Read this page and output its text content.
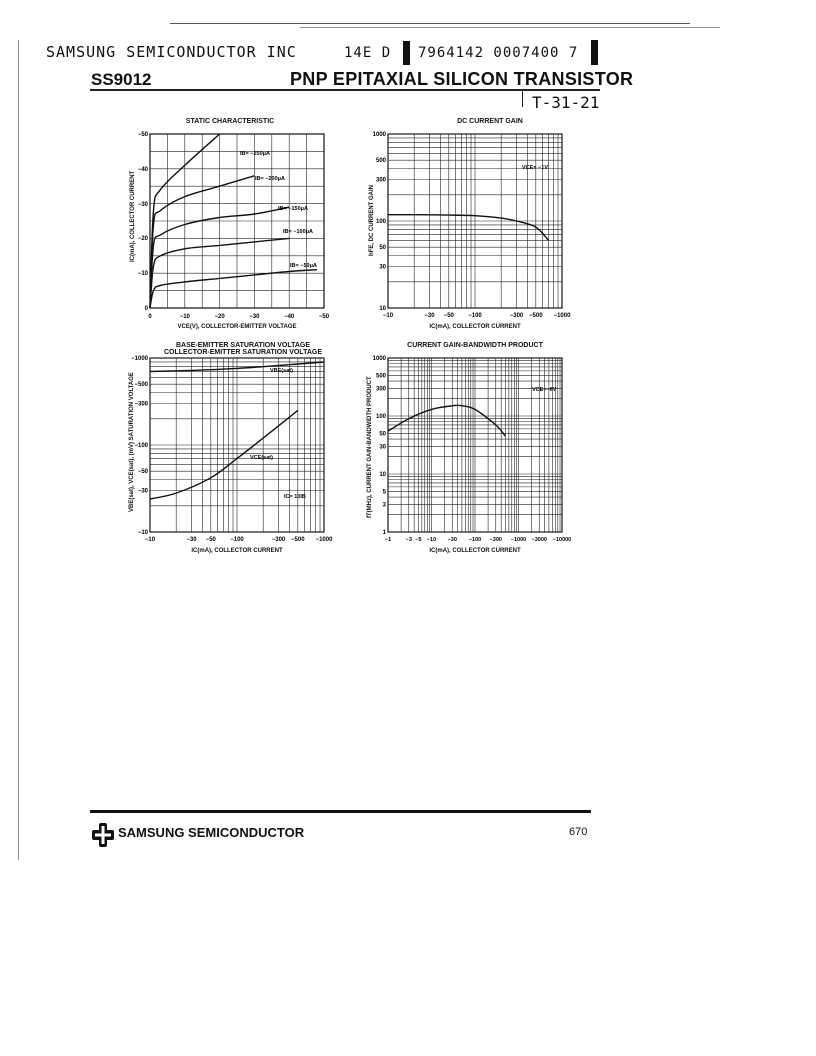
SAMSUNG SEMICONDUCTOR INC	14E D 7964142 0007400 7
SS9012	PNP EPITAXIAL SILICON TRANSISTOR
T-31-21
STATIC CHARACTERISTIC
IB= −250μA
IB= −200μA
IB= −150μA
IB= −100μA
IB= −50μA
0	−10	−20	−30	−40	−50
0
−10
−20
−30
−40
−50
IC(mA), COLLECTOR CURRENT
VCE(V), COLLECTOR-EMITTER VOLTAGE
DC CURRENT GAIN
VCE= −1V
−10	−30 −50 −100	−300 −500 −1000
10
30
50
100
300
500
1000
hFE, DC CURRENT GAIN
IC(mA), COLLECTOR CURRENT
BASE-EMITTER SATURATION VOLTAGE
COLLECTOR-EMITTER SATURATION VOLTAGE
VBE(sat)
VCE(sat)
IC= 10IB
−10	−30 −50 −100	−300 −500 −1000
−10
−30
−50
−100
−300
−500
−1000
VBE(sat), VCE(sat), (mV) SATURATION VOLTAGE
IC(mA), COLLECTOR CURRENT
CURRENT GAIN-BANDWIDTH PRODUCT
VCE=−6V
−1	−3 −5 −10 −30 −100 −300 −1000 −3000 −10000
1
3
5
10
30
50
100
300
500
1000
fT(MHz), CURRENT GAIN-BANDWIDTH PRODUCT
IC(mA), COLLECTOR CURRENT
SAMSUNG SEMICONDUCTOR	670
